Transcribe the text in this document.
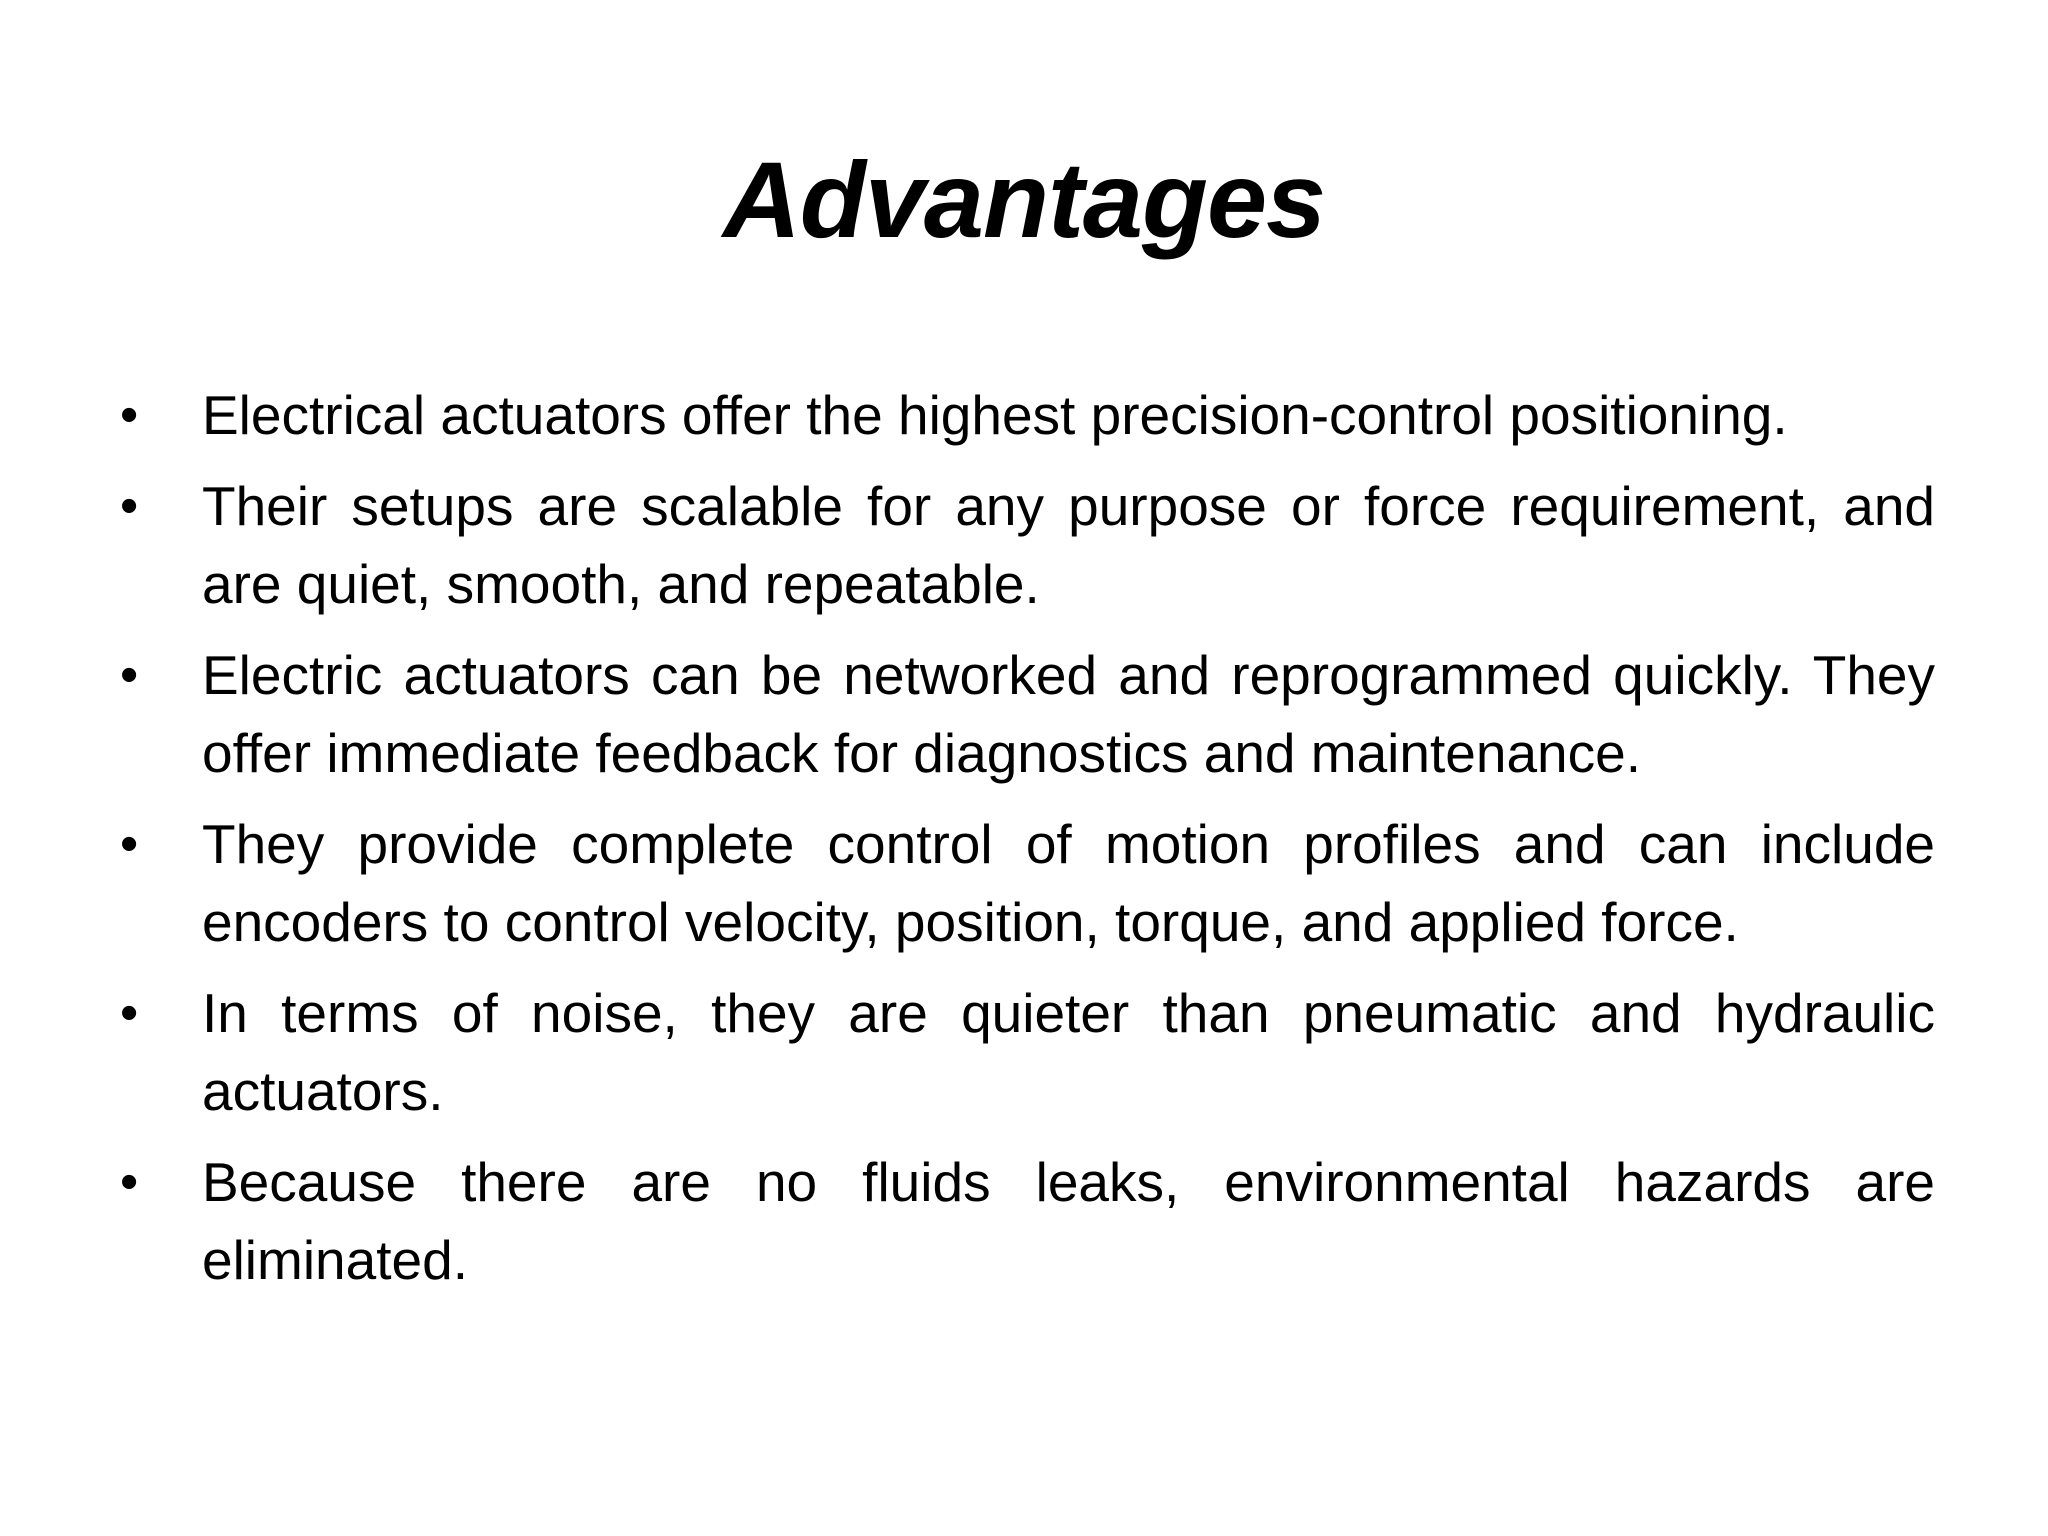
Advantages
•	Electrical actuators offer the highest precision-control positioning.
•	Their setups are scalable for any purpose or force requirement, and are quiet, smooth, and repeatable.
•	Electric actuators can be networked and reprogrammed quickly. They offer immediate feedback for diagnostics and maintenance.
•	They provide complete control of motion profiles and can include encoders to control velocity, position, torque, and applied force.
•	In terms of noise, they are quieter than pneumatic and hydraulic actuators.
•	Because there are no fluids leaks, environmental hazards are eliminated.
